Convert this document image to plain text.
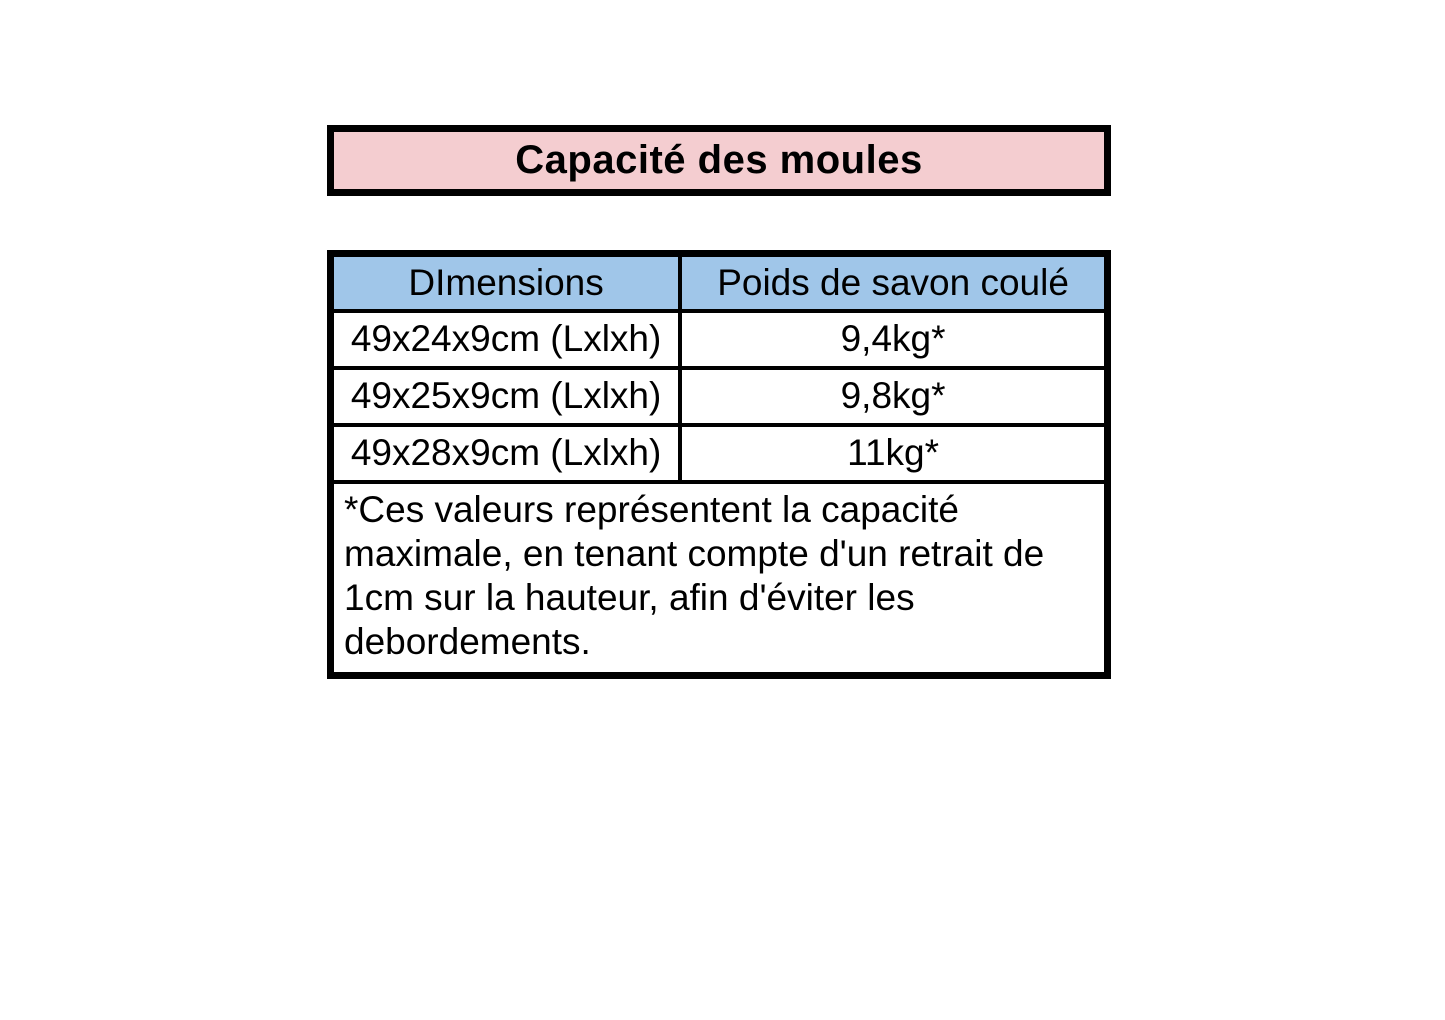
Capacité des moules
DImensions	Poids de savon coulé
49x24x9cm (Lxlxh)	9,4kg*
49x25x9cm (Lxlxh)	9,8kg*
49x28x9cm (Lxlxh)	11kg*
*Ces valeurs représentent la capacité maximale, en tenant compte d'un retrait de 1cm sur la hauteur, afin d'éviter les debordements.	
